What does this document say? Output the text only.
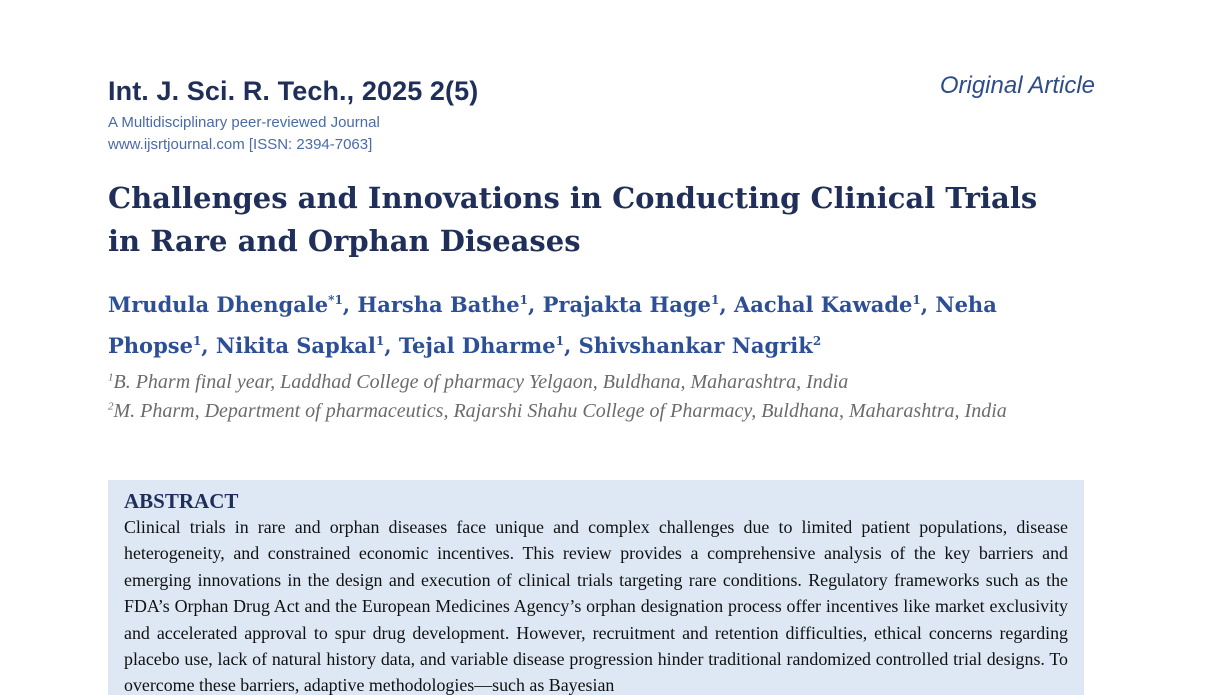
Int. J. Sci. R. Tech., 2025 2(5)
A Multidisciplinary peer-reviewed Journal
www.ijsrtjournal.com [ISSN: 2394-7063]
Original Article
Challenges and Innovations in Conducting Clinical Trials
in Rare and Orphan Diseases
Mrudula Dhengale$^{*1}$, Harsha Bathe$^1$, Prajakta Hage$^1$, Aachal Kawade$^1$, Neha
Phopse$^1$, Nikita Sapkal$^1$, Tejal Dharme$^1$, Shivshankar Nagrik$^2$
$^1$B. Pharm final year, Laddhad College of pharmacy Yelgaon, Buldhana, Maharashtra, India
$^2$M. Pharm, Department of pharmaceutics, Rajarshi Shahu College of Pharmacy, Buldhana, Maharashtra, India
ABSTRACT
Clinical trials in rare and orphan diseases face unique and complex challenges due to limited patient populations, disease heterogeneity, and constrained economic incentives. This review provides a comprehensive analysis of the key barriers and emerging innovations in the design and execution of clinical trials targeting rare conditions. Regulatory frameworks such as the FDA’s Orphan Drug Act and the European Medicines Agency’s orphan designation process offer incentives like market exclusivity and accelerated approval to spur drug development. However, recruitment and retention difficulties, ethical concerns regarding placebo use, lack of natural history data, and variable disease progression hinder traditional randomized controlled trial designs. To overcome these barriers, adaptive methodologies—such as Bayesian
